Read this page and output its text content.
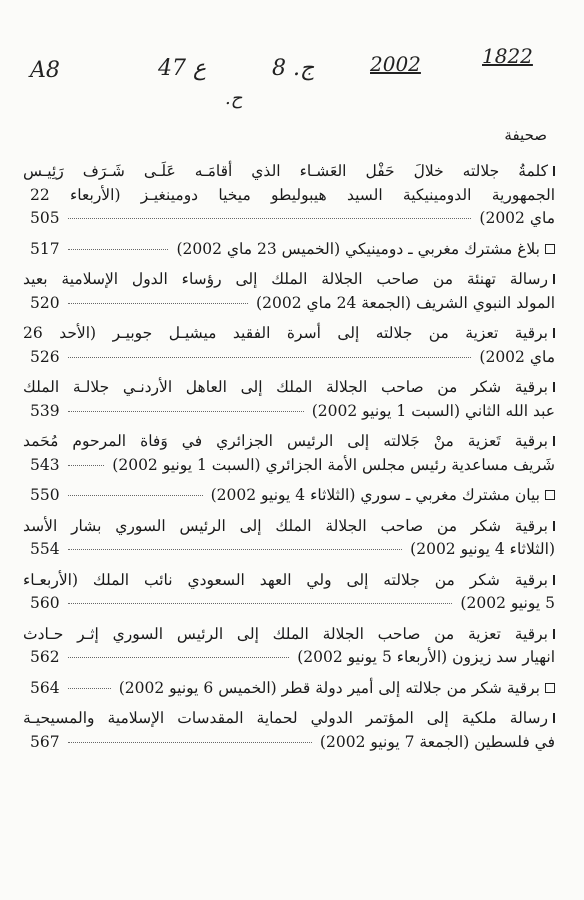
A8	ع 47
ح.
ج. 8	2002	1822
صحيفة
كلمةُ جلالته خلالَ حَفْل العَشـاء الذي أقامَـه عَلَـى شَـرَف رَئِيـس
الجمهورية الدومينيكية السيد هيبوليطو ميخيا دومينغيـز (الأربعاء 22
ماي 2002)
505
بلاغ مشترك مغربي ـ دومينيكي (الخميس 23 ماي 2002)
517
رسالة تهنئة من صاحب الجلالة الملك إلى رؤساء الدول الإسلامية بعيد
المولد النبوي الشريف (الجمعة 24 ماي 2002)
520
برقية تعزية من جلالته إلى أسرة الفقيد ميشيـل جوبيـر (الأحد 26
ماي 2002)
526
برقية شكر من صاحب الجلالة الملك إلى العاهل الأردنـي جلالـة الملك
عبد الله الثاني (السبت 1 يونيو 2002)
539
برقية تَعزية منْ جَلالته إلى الرئيس الجزائري في وَفاة المرحوم مُحَمد
شَريف مساعدية رئيس مجلس الأمة الجزائري (السبت 1 يونيو 2002)
543
بيان مشترك مغربي ـ سوري (الثلاثاء 4 يونيو 2002)
550
برقية شكر من صاحب الجلالة الملك إلى الرئيس السوري بشار الأسد
(الثلاثاء 4 يونيو 2002)
554
برقية شكر من جلالته إلى ولي العهد السعودي نائب الملك (الأربعـاء
5 يونيو 2002)
560
برقية تعزية من صاحب الجلالة الملك إلى الرئيس السوري إثـر حـادث
انهيار سد زيزون (الأربعاء 5 يونيو 2002)
562
برقية شكر من جلالته إلى أمير دولة قطر (الخميس 6 يونيو 2002)
564
رسالة ملكية إلى المؤتمر الدولي لحماية المقدسات الإسلامية والمسيحيـة
في فلسطين (الجمعة 7 يونيو 2002)
567
